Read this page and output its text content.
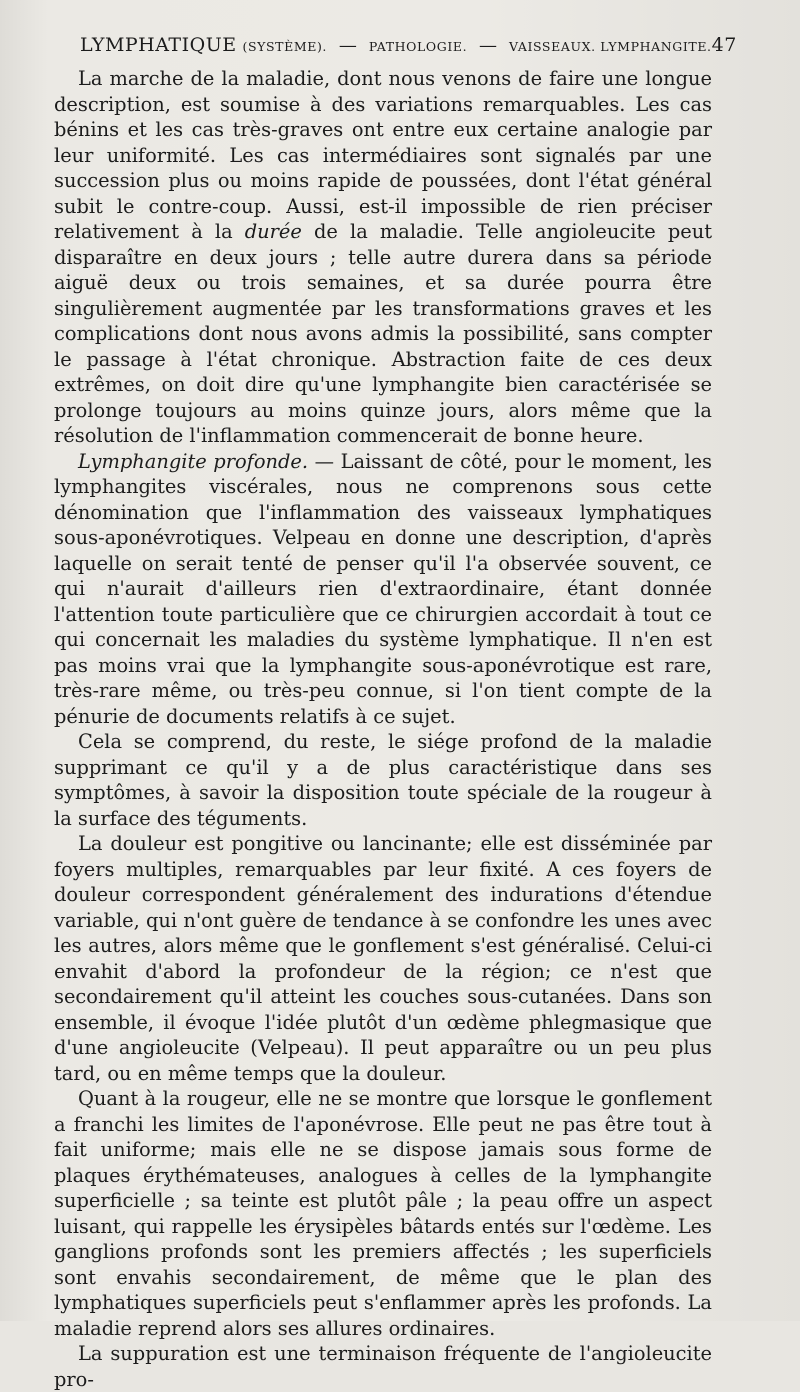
LYMPHATIQUE (SYSTÈME). — PATHOLOGIE. — VAISSEAUX. LYMPHANGITE. 47

La marche de la maladie, dont nous venons de faire une longue description, est soumise à des variations remarquables. Les cas bénins et les cas très-graves ont entre eux certaine analogie par leur uniformité. Les cas intermédiaires sont signalés par une succession plus ou moins rapide de poussées, dont l'état général subit le contre-coup. Aussi, est-il impossible de rien préciser relativement à la durée de la maladie. Telle angioleucite peut disparaître en deux jours ; telle autre durera dans sa période aiguë deux ou trois semaines, et sa durée pourra être singulièrement augmentée par les transformations graves et les complications dont nous avons admis la possibilité, sans compter le passage à l'état chronique. Abstraction faite de ces deux extrêmes, on doit dire qu'une lymphangite bien caractérisée se prolonge toujours au moins quinze jours, alors même que la résolution de l'inflammation commencerait de bonne heure.

Lymphangite profonde. — Laissant de côté, pour le moment, les lymphangites viscérales, nous ne comprenons sous cette dénomination que l'inflammation des vaisseaux lymphatiques sous-aponévrotiques. Velpeau en donne une description, d'après laquelle on serait tenté de penser qu'il l'a observée souvent, ce qui n'aurait d'ailleurs rien d'extraordinaire, étant donnée l'attention toute particulière que ce chirurgien accordait à tout ce qui concernait les maladies du système lymphatique. Il n'en est pas moins vrai que la lymphangite sous-aponévrotique est rare, très-rare même, ou très-peu connue, si l'on tient compte de la pénurie de documents relatifs à ce sujet.

Cela se comprend, du reste, le siége profond de la maladie supprimant ce qu'il y a de plus caractéristique dans ses symptômes, à savoir la disposition toute spéciale de la rougeur à la surface des téguments.

La douleur est pongitive ou lancinante; elle est disséminée par foyers multiples, remarquables par leur fixité. A ces foyers de douleur correspondent généralement des indurations d'étendue variable, qui n'ont guère de tendance à se confondre les unes avec les autres, alors même que le gonflement s'est généralisé. Celui-ci envahit d'abord la profondeur de la région; ce n'est que secondairement qu'il atteint les couches sous-cutanées. Dans son ensemble, il évoque l'idée plutôt d'un œdème phlegmasique que d'une angioleucite (Velpeau). Il peut apparaître ou un peu plus tard, ou en même temps que la douleur.

Quant à la rougeur, elle ne se montre que lorsque le gonflement a franchi les limites de l'aponévrose. Elle peut ne pas être tout à fait uniforme; mais elle ne se dispose jamais sous forme de plaques érythémateuses, analogues à celles de la lymphangite superficielle ; sa teinte est plutôt pâle ; la peau offre un aspect luisant, qui rappelle les érysipèles bâtards entés sur l'œdème. Les ganglions profonds sont les premiers affectés ; les superficiels sont envahis secondairement, de même que le plan des lymphatiques superficiels peut s'enflammer après les profonds. La maladie reprend alors ses allures ordinaires.

La suppuration est une terminaison fréquente de l'angioleucite pro-
